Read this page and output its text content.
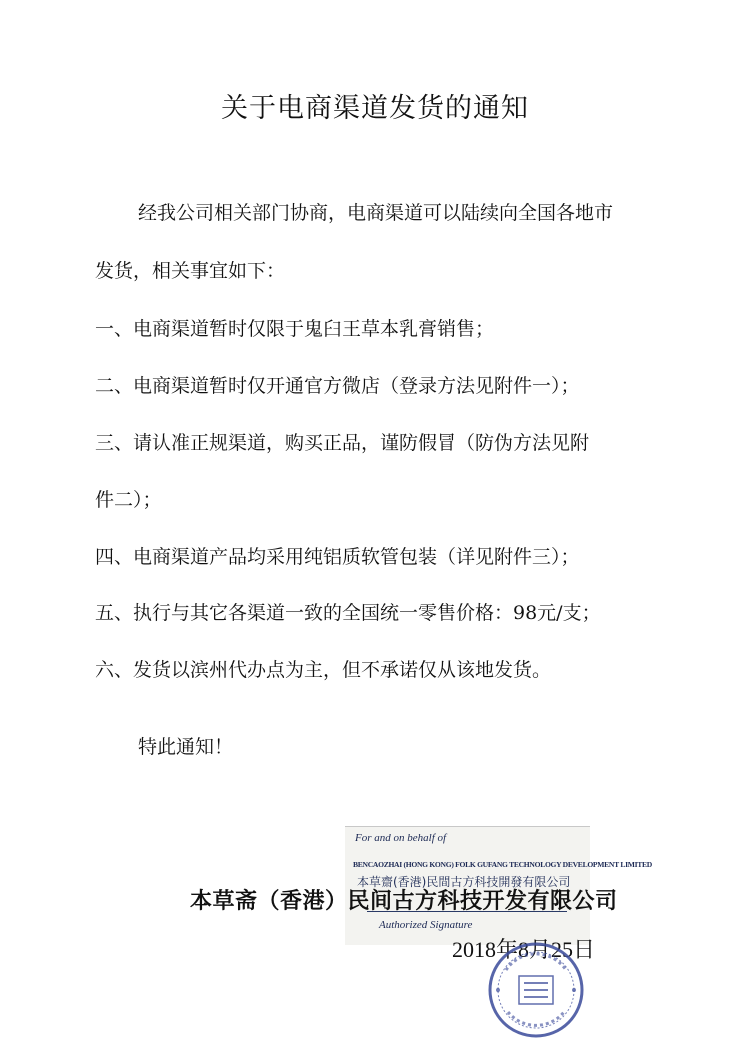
关于电商渠道发货的通知
经我公司相关部门协商，电商渠道可以陆续向全国各地市
发货，相关事宜如下：
一、电商渠道暂时仅限于鬼臼王草本乳膏销售；
二、电商渠道暂时仅开通官方微店（登录方法见附件一）；
三、请认准正规渠道，购买正品，谨防假冒（防伪方法见附
件二）；
四、电商渠道产品均采用纯铝质软管包装（详见附件三）；
五、执行与其它各渠道一致的全国统一零售价格：98元/支；
六、发货以滨州代办点为主，但不承诺仅从该地发货。
特此通知！
For and on behalf of
BENCAOZHAI (HONG KONG) FOLK GUFANG TECHNOLOGY DEVELOPMENT LIMITED
本草齋(香港)民間古方科技開發有限公司
Authorized Signature
本草斋（香港）民间古方科技开发有限公司
2018年8月25日
